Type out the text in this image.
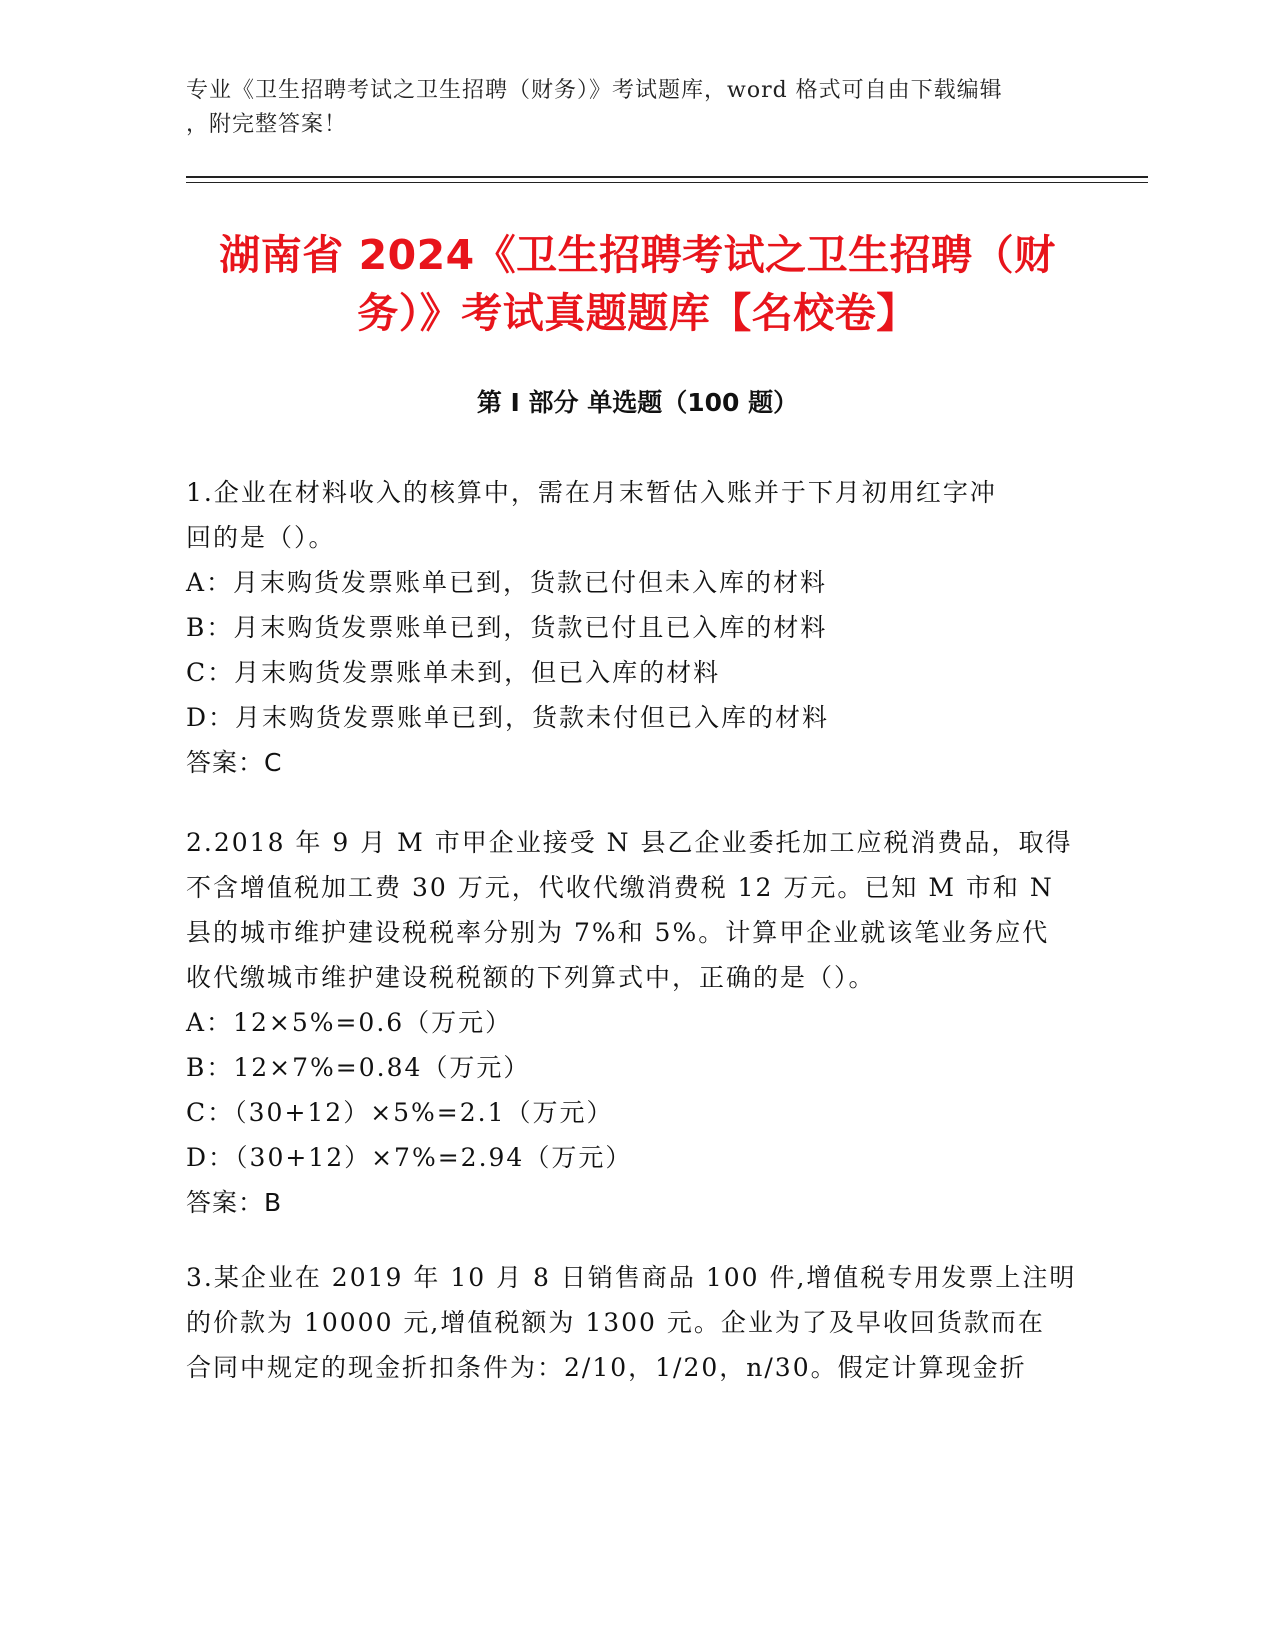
专业《卫生招聘考试之卫生招聘（财务）》考试题库，word 格式可自由下载编辑
，附完整答案！
湖南省 2024《卫生招聘考试之卫生招聘（财
务）》考试真题题库【名校卷】
第 I 部分 单选题（100 题）
1.企业在材料收入的核算中，需在月末暂估入账并于下月初用红字冲
回的是（）。
A：月末购货发票账单已到，货款已付但未入库的材料
B：月末购货发票账单已到，货款已付且已入库的材料
C：月末购货发票账单未到，但已入库的材料
D：月末购货发票账单已到，货款未付但已入库的材料
答案：C
2.2018 年 9 月 M 市甲企业接受 N 县乙企业委托加工应税消费品，取得
不含增值税加工费 30 万元，代收代缴消费税 12 万元。已知 M 市和 N
县的城市维护建设税税率分别为 7%和 5%。计算甲企业就该笔业务应代
收代缴城市维护建设税税额的下列算式中，正确的是（）。
A：12×5%=0.6（万元）
B：12×7%=0.84（万元）
C：（30+12）×5%=2.1（万元）
D：（30+12）×7%=2.94（万元）
答案：B
3.某企业在 2019 年 10 月 8 日销售商品 100 件,增值税专用发票上注明
的价款为 10000 元,增值税额为 1300 元。企业为了及早收回货款而在
合同中规定的现金折扣条件为：2/10，1/20，n/30。假定计算现金折
